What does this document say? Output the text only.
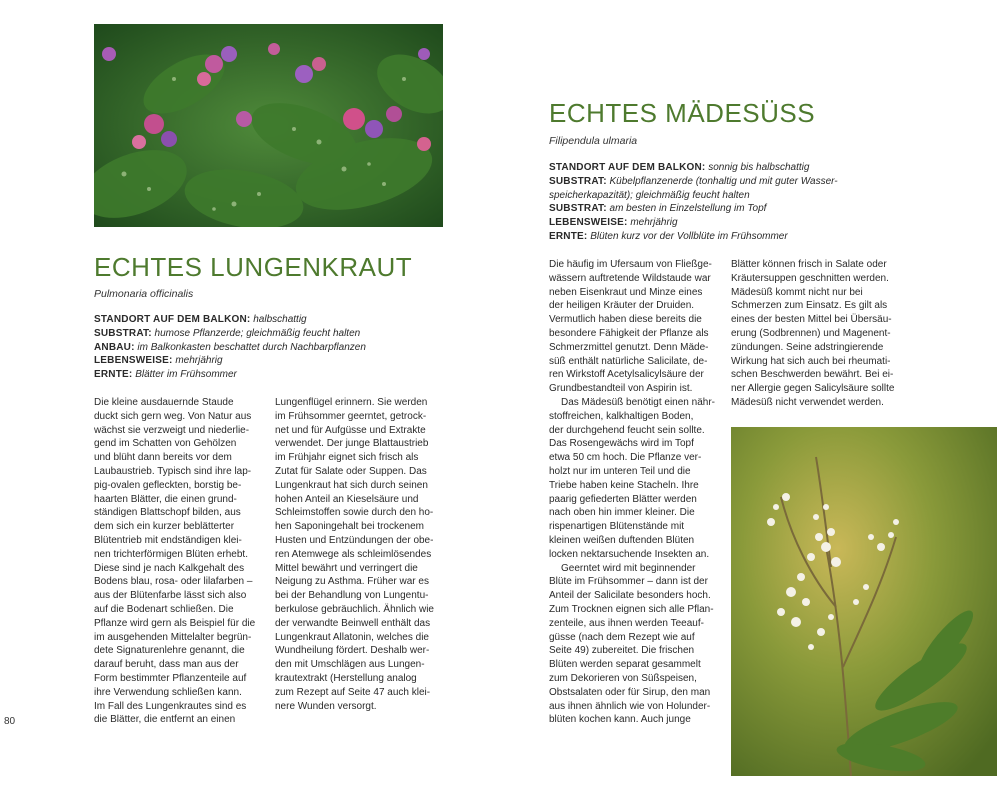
ECHTES LUNGENKRAUT

Pulmonaria officinalis

STANDORT AUF DEM BALKON: halbschattig
SUBSTRAT: humose Pflanzerde; gleichmäßig feucht halten
ANBAU: im Balkonkasten beschattet durch Nachbarpflanzen
LEBENSWEISE: mehrjährig
ERNTE: Blätter im Frühsommer
Die kleine ausdauernde Staude
duckt sich gern weg. Von Natur aus
wächst sie verzweigt und niederlie-
gend im Schatten von Gehölzen
und blüht dann bereits vor dem
Laubaustrieb. Typisch sind ihre lap-
pig-ovalen gefleckten, borstig be-
haarten Blätter, die einen grund-
ständigen Blattschopf bilden, aus
dem sich ein kurzer beblätterter
Blütentrieb mit endständigen klei-
nen trichterförmigen Blüten erhebt.
Diese sind je nach Kalkgehalt des
Bodens blau, rosa- oder lilafarben –
aus der Blütenfarbe lässt sich also
auf die Bodenart schließen. Die
Pflanze wird gern als Beispiel für die
im ausgehenden Mittelalter begrün-
dete Signaturenlehre genannt, die
darauf beruht, dass man aus der
Form bestimmter Pflanzenteile auf
ihre Verwendung schließen kann.
Im Fall des Lungenkrautes sind es
die Blätter, die entfernt an einen
Lungenflügel erinnern. Sie werden
im Frühsommer geerntet, getrock-
net und für Aufgüsse und Extrakte
verwendet. Der junge Blattaustrieb
im Frühjahr eignet sich frisch als
Zutat für Salate oder Suppen. Das
Lungenkraut hat sich durch seinen
hohen Anteil an Kieselsäure und
Schleimstoffen sowie durch den ho-
hen Saponingehalt bei trockenem
Husten und Entzündungen der obe-
ren Atemwege als schleimlösendes
Mittel bewährt und verringert die
Neigung zu Asthma. Früher war es
bei der Behandlung von Lungentu-
berkulose gebräuchlich. Ähnlich wie
der verwandte Beinwell enthält das
Lungenkraut Allatonin, welches die
Wundheilung fördert. Deshalb wer-
den mit Umschlägen aus Lungen-
krautextrakt (Herstellung analog
zum Rezept auf Seite 47 auch klei-
nere Wunden versorgt.
80
ECHTES MÄDESÜSS

Filipendula ulmaria

STANDORT AUF DEM BALKON: sonnig bis halbschattig
SUBSTRAT: Kübelpflanzenerde (tonhaltig und mit guter Wasser-
speicherkapazität); gleichmäßig feucht halten
SUBSTRAT: am besten in Einzelstellung im Topf
LEBENSWEISE: mehrjährig
ERNTE: Blüten kurz vor der Vollblüte im Frühsommer
Die häufig im Ufersaum von Fließge-
wässern auftretende Wildstaude war
neben Eisenkraut und Minze eines
der heiligen Kräuter der Druiden.
Vermutlich haben diese bereits die
besondere Fähigkeit der Pflanze als
Schmerzmittel genutzt. Denn Mäde-
süß enthält natürliche Salicilate, de-
ren Wirkstoff Acetylsalicylsäure der
Grundbestandteil von Aspirin ist.
Das Mädesüß benötigt einen nähr-
stoffreichen, kalkhaltigen Boden,
der durchgehend feucht sein sollte.
Das Rosengewächs wird im Topf
etwa 50 cm hoch. Die Pflanze ver-
holzt nur im unteren Teil und die
Triebe haben keine Stacheln. Ihre
paarig gefiederten Blätter werden
nach oben hin immer kleiner. Die
rispenartigen Blütenstände mit
kleinen weißen duftenden Blüten
locken nektarsuchende Insekten an.
Geerntet wird mit beginnender
Blüte im Frühsommer – dann ist der
Anteil der Salicilate besonders hoch.
Zum Trocknen eignen sich alle Pflan-
zenteile, aus ihnen werden Teeauf-
güsse (nach dem Rezept wie auf
Seite 49) zubereitet. Die frischen
Blüten werden separat gesammelt
zum Dekorieren von Süßspeisen,
Obstsalaten oder für Sirup, den man
aus ihnen ähnlich wie von Holunder-
blüten kochen kann. Auch junge
Blätter können frisch in Salate oder
Kräutersuppen geschnitten werden.
Mädesüß kommt nicht nur bei
Schmerzen zum Einsatz. Es gilt als
eines der besten Mittel bei Übersäu-
erung (Sodbrennen) und Magenent-
zündungen. Seine adstringierende
Wirkung hat sich auch bei rheumati-
schen Beschwerden bewährt. Bei ei-
ner Allergie gegen Salicylsäure sollte
Mädesüß nicht verwendet werden.
